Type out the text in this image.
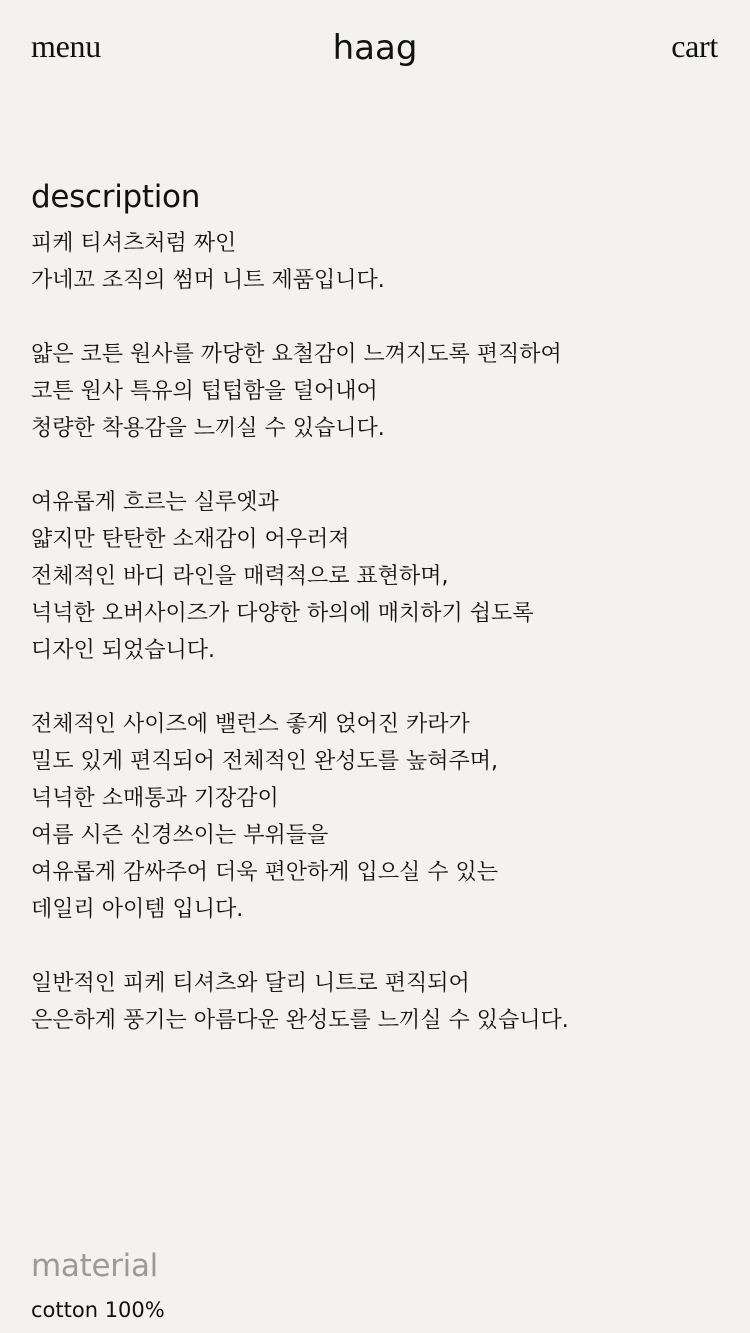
menu	haag	cart
description
피케 티셔츠처럼 짜인
가네꼬 조직의 썸머 니트 제품입니다.
얇은 코튼 원사를 까당한 요철감이 느껴지도록 편직하여
코튼 원사 특유의 텁텁함을 덜어내어
청량한 착용감을 느끼실 수 있습니다.
여유롭게 흐르는 실루엣과
얇지만 탄탄한 소재감이 어우러져
전체적인 바디 라인을 매력적으로 표현하며,
넉넉한 오버사이즈가 다양한 하의에 매치하기 쉽도록
디자인 되었습니다.
전체적인 사이즈에 밸런스 좋게 얹어진 카라가
밀도 있게 편직되어 전체적인 완성도를 높혀주며,
넉넉한 소매통과 기장감이
여름 시즌 신경쓰이는 부위들을
여유롭게 감싸주어 더욱 편안하게 입으실 수 있는
데일리 아이템 입니다.
일반적인 피케 티셔츠와 달리 니트로 편직되어
은은하게 풍기는 아름다운 완성도를 느끼실 수 있습니다.
material
cotton 100%
